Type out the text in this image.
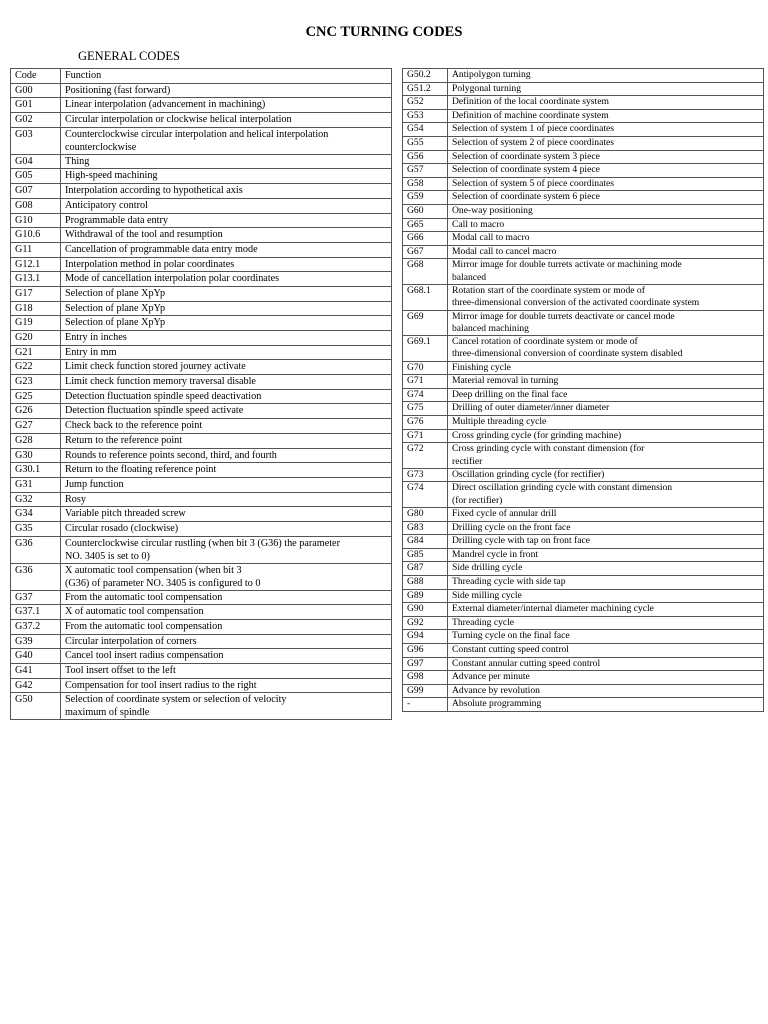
CNC TURNING CODES
GENERAL CODES
Code	Function

G00	Positioning (fast forward)

G01	Linear interpolation (advancement in machining)

G02	Circular interpolation or clockwise helical interpolation

G03	Counterclockwise circular interpolation and helical interpolation
counterclockwise

G04	Thing

G05	High-speed machining

G07	Interpolation according to hypothetical axis

G08	Anticipatory control

G10	Programmable data entry

G10.6	Withdrawal of the tool and resumption

G11	Cancellation of programmable data entry mode

G12.1	Interpolation method in polar coordinates

G13.1	Mode of cancellation interpolation polar coordinates

G17	Selection of plane XpYp

G18	Selection of plane XpYp

G19	Selection of plane XpYp

G20	Entry in inches

G21	Entry in mm

G22	Limit check function stored journey activate

G23	Limit check function memory traversal disable

G25	Detection fluctuation spindle speed deactivation

G26	Detection fluctuation spindle speed activate

G27	Check back to the reference point

G28	Return to the reference point

G30	Rounds to reference points second, third, and fourth

G30.1	Return to the floating reference point

G31	Jump function

G32	Rosy

G34	Variable pitch threaded screw

G35	Circular rosado (clockwise)

G36	Counterclockwise circular rustling (when bit 3 (G36) the parameter
NO. 3405 is set to 0)

G36	X automatic tool compensation (when bit 3
(G36) of parameter NO. 3405 is configured to 0

G37	From the automatic tool compensation

G37.1	X of automatic tool compensation

G37.2	From the automatic tool compensation

G39	Circular interpolation of corners

G40	Cancel tool insert radius compensation

G41	Tool insert offset to the left

G42	Compensation for tool insert radius to the right

G50	Selection of coordinate system or selection of velocity
maximum of spindle
G50.2	Antipolygon turning

G51.2	Polygonal turning

G52	Definition of the local coordinate system

G53	Definition of machine coordinate system

G54	Selection of system 1 of piece coordinates

G55	Selection of system 2 of piece coordinates

G56	Selection of coordinate system 3 piece

G57	Selection of coordinate system 4 piece

G58	Selection of system 5 of piece coordinates

G59	Selection of coordinate system 6 piece

G60	One-way positioning

G65	Call to macro

G66	Modal call to macro

G67	Modal call to cancel macro

G68	Mirror image for double turrets activate or machining mode
balanced

G68.1	Rotation start of the coordinate system or mode of
three-dimensional conversion of the activated coordinate system

G69	Mirror image for double turrets deactivate or cancel mode
balanced machining

G69.1	Cancel rotation of coordinate system or mode of
three-dimensional conversion of coordinate system disabled

G70	Finishing cycle

G71	Material removal in turning

G74	Deep drilling on the final face

G75	Drilling of outer diameter/inner diameter

G76	Multiple threading cycle

G71	Cross grinding cycle (for grinding machine)

G72	Cross grinding cycle with constant dimension (for
rectifier

G73	Oscillation grinding cycle (for rectifier)

G74	Direct oscillation grinding cycle with constant dimension
(for rectifier)

G80	Fixed cycle of annular drill

G83	Drilling cycle on the front face

G84	Drilling cycle with tap on front face

G85	Mandrel cycle in front

G87	Side drilling cycle

G88	Threading cycle with side tap

G89	Side milling cycle

G90	External diameter/internal diameter machining cycle

G92	Threading cycle

G94	Turning cycle on the final face

G96	Constant cutting speed control

G97	Constant annular cutting speed control

G98	Advance per minute

G99	Advance by revolution

-	Absolute programming
